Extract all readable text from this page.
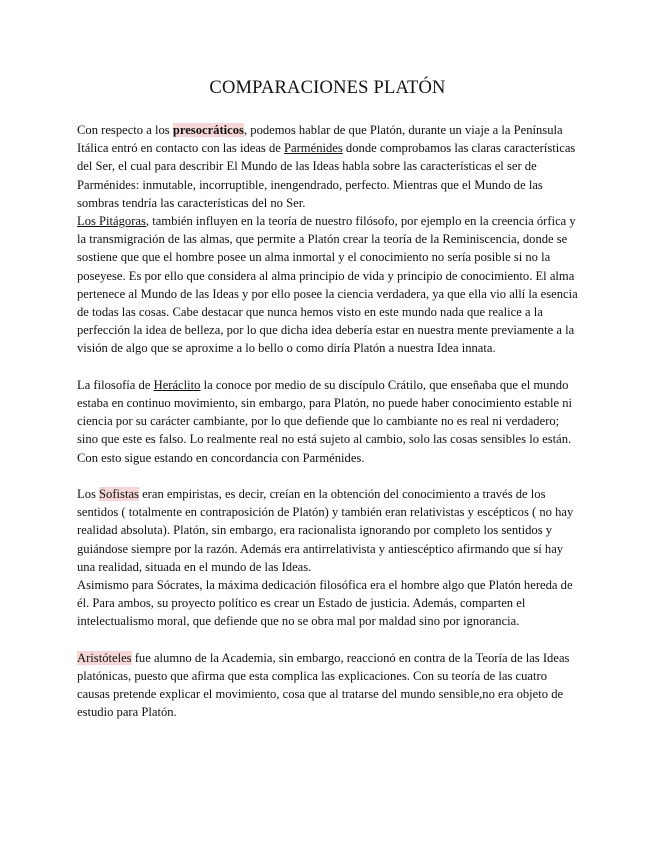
COMPARACIONES PLATÓN

Con respecto a los presocráticos, podemos hablar de que Platón, durante un viaje a la Península Itálica entró en contacto con las ideas de Parménides donde comprobamos las claras características del Ser, el cual para describir El Mundo de las Ideas habla sobre las características el ser de Parménides: inmutable, incorruptible, inengendrado, perfecto. Mientras que el Mundo de las sombras tendría las características del no Ser.

Los Pitágoras, también influyen en la teoría de nuestro filósofo, por ejemplo en la creencia órfica y la transmigración de las almas, que permite a Platón crear la teoría de la Reminiscencia, donde se sostiene que que el hombre posee un alma inmortal y el conocimiento no sería posible si no la poseyese. Es por ello que considera al alma principio de vida y principio de conocimiento. El alma pertenece al Mundo de las Ideas y por ello posee la ciencia verdadera, ya que ella vio allí la esencia de todas las cosas. Cabe destacar que nunca hemos visto en este mundo nada que realice a la perfección la idea de belleza, por lo que dicha idea debería estar en nuestra mente previamente a la visión de algo que se aproxime a lo bello o como diría Platón a nuestra Idea innata.

La filosofía de Heráclito la conoce por medio de su discípulo Crátilo, que enseñaba que el mundo estaba en continuo movimiento, sin embargo, para Platón, no puede haber conocimiento estable ni ciencia por su carácter cambiante, por lo que defiende que lo cambiante no es real ni verdadero; sino que este es falso. Lo realmente real no está sujeto al cambio, solo las cosas sensibles lo están. Con esto sigue estando en concordancia con Parménides.

Los Sofistas eran empiristas, es decir, creían en la obtención del conocimiento a través de los sentidos ( totalmente en contraposición de Platón) y también eran relativistas y escépticos ( no hay realidad absoluta). Platón, sin embargo, era racionalista ignorando por completo los sentidos y guiándose siempre por la razón. Además era antirrelativista y antiescéptico afirmando que sí hay una realidad, situada en el mundo de las Ideas.

Asimismo para Sócrates, la máxima dedicación filosófica era el hombre algo que Platón hereda de él. Para ambos, su proyecto político es crear un Estado de justicia. Además, comparten el intelectualismo moral, que defiende que no se obra mal por maldad sino por ignorancia.

Aristóteles fue alumno de la Academia, sin embargo, reaccionó en contra de la Teoría de las Ideas platónicas, puesto que afirma que esta complica las explicaciones. Con su teoría de las cuatro causas pretende explicar el movimiento, cosa que al tratarse del mundo sensible,no era objeto de estudio para Platón.
